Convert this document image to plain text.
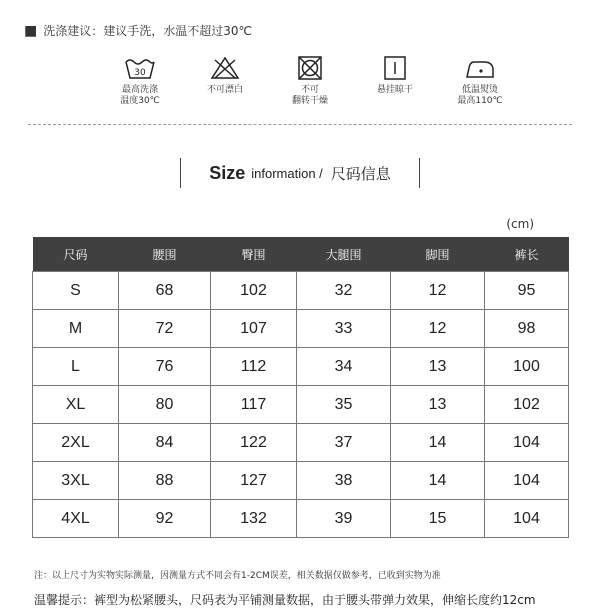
■ 洗涤建议：建议手洗，水温不超过30℃
30
最高洗涤
温度30℃
不可漂白	不可
翻转干燥
悬挂晾干	低温熨烫
最高110℃
Size information / 尺码信息
(cm)
尺码	腰围	臀围	大腿围	脚围	裤长
S	68	102	32	12	95
M	72	107	33	12	98
L	76	112	34	13	100
XL	80	117	35	13	102
2XL	84	122	37	14	104
3XL	88	127	38	14	104
4XL	92	132	39	15	104
注：以上尺寸为实物实际测量，因测量方式不同会有1-2CM误差，相关数据仅做参考，已收到实物为准
温馨提示：裤型为松紧腰头，尺码表为平铺测量数据，由于腰头带弹力效果，伸缩长度约12cm
